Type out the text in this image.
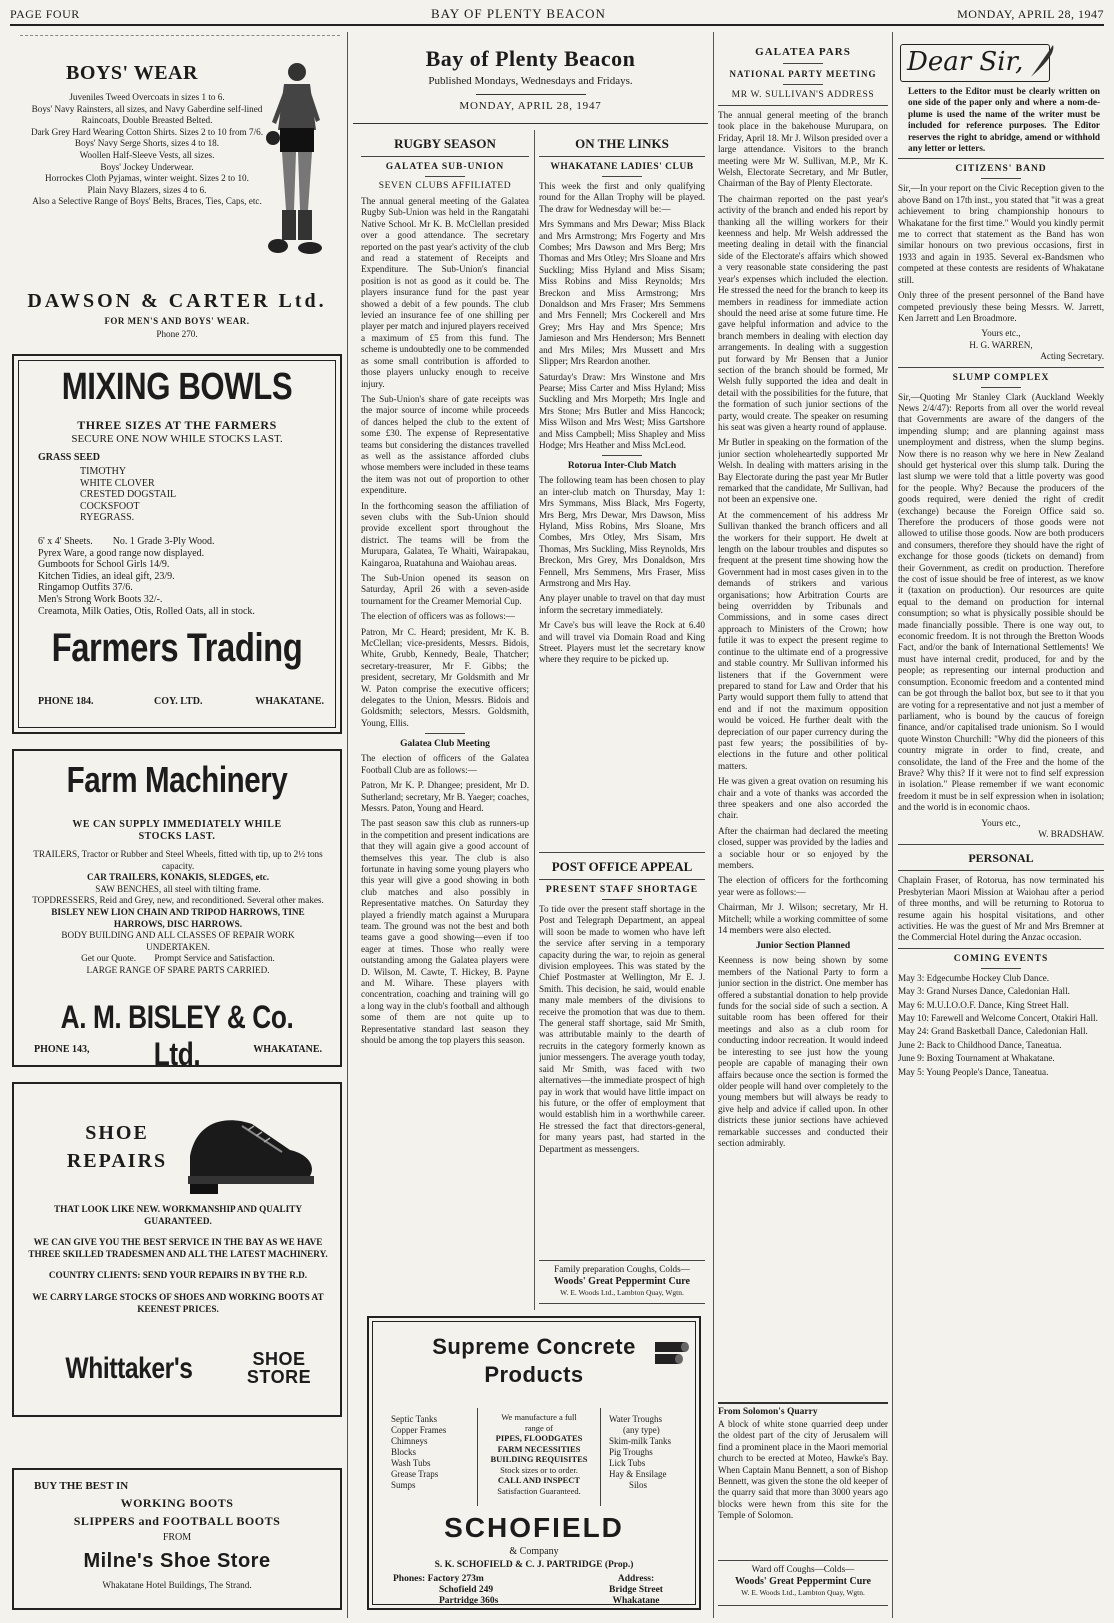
PAGE FOUR	BAY OF PLENTY BEACON	MONDAY, APRIL 28, 1947
BOYS' WEAR
Juveniles Tweed Overcoats in sizes 1 to 6.
Boys' Navy Rainsters, all sizes, and Navy Gaberdine self-lined Raincoats, Double Breasted Belted.
Dark Grey Hard Wearing Cotton Shirts. Sizes 2 to 10 from 7/6.
Boys' Navy Serge Shorts, sizes 4 to 18.
Woollen Half-Sleeve Vests, all sizes.
Boys' Jockey Underwear.
Horrockes Cloth Pyjamas, winter weight. Sizes 2 to 10.
Plain Navy Blazers, sizes 4 to 6.
Also a Selective Range of Boys' Belts, Braces, Ties, Caps, etc.
DAWSON & CARTER Ltd.
FOR MEN'S AND BOYS' WEAR.
Phone 270.
MIXING BOWLS
THREE SIZES AT THE FARMERS
SECURE ONE NOW WHILE STOCKS LAST.
GRASS SEED
TIMOTHY
WHITE CLOVER
CRESTED DOGSTAIL
COCKSFOOT
RYEGRASS.
6' x 4' Sheets.        No. 1 Grade 3-Ply Wood.
Pyrex Ware, a good range now displayed.
Gumboots for School Girls 14/9.
Kitchen Tidies, an ideal gift, 23/9.
Ringamop Outfits 37/6.
Men's Strong Work Boots 32/-.
Creamota, Milk Oaties, Otis, Rolled Oats, all in stock.
Farmers Trading
PHONE 184.	COY. LTD.	WHAKATANE.
Farm Machinery
WE CAN SUPPLY IMMEDIATELY WHILE STOCKS LAST.
TRAILERS, Tractor or Rubber and Steel Wheels, fitted with tip, up to 2½ tons capacity.
CAR TRAILERS, KONAKIS, SLEDGES, etc.
SAW BENCHES, all steel with tilting frame.
TOPDRESSERS, Reid and Grey, new, and reconditioned. Several other makes.
BISLEY NEW LION CHAIN AND TRIPOD HARROWS, TINE HARROWS, DISC HARROWS.
BODY BUILDING AND ALL CLASSES OF REPAIR WORK UNDERTAKEN.
Get our Quote.        Prompt Service and Satisfaction.
LARGE RANGE OF SPARE PARTS CARRIED.
A. M. BISLEY & Co. Ltd.
PHONE 143,	WHAKATANE.
SHOE
REPAIRS
THAT LOOK LIKE NEW. WORKMANSHIP AND QUALITY GUARANTEED.
WE CAN GIVE YOU THE BEST SERVICE IN THE BAY AS WE HAVE THREE SKILLED TRADESMEN AND ALL THE LATEST MACHINERY.
COUNTRY CLIENTS: SEND YOUR REPAIRS IN BY THE R.D.
WE CARRY LARGE STOCKS OF SHOES AND WORKING BOOTS AT KEENEST PRICES.
Whittaker's	SHOE
STORE
BUY THE BEST IN
WORKING BOOTS
SLIPPERS and FOOTBALL BOOTS
FROM
Milne's Shoe Store
Whakatane Hotel Buildings, The Strand.
Bay of Plenty Beacon
Published Mondays, Wednesdays and Fridays.
MONDAY, APRIL 28, 1947
RUGBY SEASON
GALATEA SUB-UNION
SEVEN CLUBS AFFILIATED
The annual general meeting of the Galatea Rugby Sub-Union was held in the Rangatahi Native School. Mr K. B. McClellan presided over a good attendance. The secretary reported on the past year's activity of the club and read a statement of Receipts and Expenditure. The Sub-Union's financial position is not as good as it could be. The players insurance fund for the past year showed a debit of a few pounds. The club levied an insurance fee of one shilling per player per match and injured players received a maximum of £5 from this fund. The scheme is undoubtedly one to be commended as some small contribution is afforded to those players unlucky enough to receive injury.
The Sub-Union's share of gate receipts was the major source of income while proceeds of dances helped the club to the extent of some £30. The expense of Representative teams but considering the distances travelled as well as the assistance afforded clubs whose members were included in these teams the item was not out of proportion to other expenditure.
In the forthcoming season the affiliation of seven clubs with the Sub-Union should provide excellent sport throughout the district. The teams will be from the Murupara, Galatea, Te Whaiti, Wairapakau, Kaingaroa, Ruatahuna and Waiohau areas.
The Sub-Union opened its season on Saturday, April 26 with a seven-aside tournament for the Creamer Memorial Cup.
The election of officers was as follows:—
Patron, Mr C. Heard; president, Mr K. B. McClellan; vice-presidents, Messrs. Bidois, White, Grubb, Kennedy, Beale, Thatcher; secretary-treasurer, Mr F. Gibbs; the president, secretary, Mr Goldsmith and Mr W. Paton comprise the executive officers; delegates to the Union, Messrs. Bidois and Goldsmith; selectors, Messrs. Goldsmith, Young, Ellis.
Galatea Club Meeting
The election of officers of the Galatea Football Club are as follows:—
Patron, Mr K. P. Dhangee; president, Mr D. Sutherland; secretary, Mr B. Yaeger; coaches, Messrs. Paton, Young and Heard.
The past season saw this club as runners-up in the competition and present indications are that they will again give a good account of themselves this year. The club is also fortunate in having some young players who this year will give a good showing in both club matches and also possibly in Representative matches. On Saturday they played a friendly match against a Murupara team. The ground was not the best and both teams gave a good showing—even if too eager at times. Those who really were outstanding among the Galatea players were D. Wilson, M. Cawte, T. Hickey, B. Payne and M. Wihare. These players with concentration, coaching and training will go a long way in the club's football and although some of them are not quite up to Representative standard last season they should be among the top players this season.
ON THE LINKS
WHAKATANE LADIES' CLUB
This week the first and only qualifying round for the Allan Trophy will be played. The draw for Wednesday will be:—
Mrs Symmans and Mrs Dewar; Miss Black and Mrs Armstrong; Mrs Fogerty and Mrs Combes; Mrs Dawson and Mrs Berg; Mrs Thomas and Mrs Otley; Mrs Sloane and Mrs Suckling; Miss Hyland and Miss Sisam; Miss Robins and Miss Reynolds; Mrs Breckon and Miss Armstrong; Mrs Donaldson and Mrs Fraser; Mrs Semmens and Mrs Fennell; Mrs Cockerell and Mrs Grey; Mrs Hay and Mrs Spence; Mrs Jamieson and Mrs Henderson; Mrs Bennett and Mrs Miles; Mrs Mussett and Mrs Slipper; Mrs Reardon another.
Saturday's Draw: Mrs Winstone and Mrs Pearse; Miss Carter and Miss Hyland; Miss Suckling and Mrs Morpeth; Mrs Ingle and Mrs Stone; Mrs Butler and Miss Hancock; Miss Wilson and Mrs West; Miss Gartshore and Miss Campbell; Miss Shapley and Miss Hodge; Mrs Heather and Miss McLeod.
Rotorua Inter-Club Match
The following team has been chosen to play an inter-club match on Thursday, May 1: Mrs Symmans, Miss Black, Mrs Fogerty, Mrs Berg, Mrs Dewar, Mrs Dawson, Miss Hyland, Miss Robins, Mrs Sloane, Mrs Combes, Mrs Otley, Mrs Sisam, Mrs Thomas, Mrs Suckling, Miss Reynolds, Mrs Breckon, Mrs Grey, Mrs Donaldson, Mrs Fennell, Mrs Semmens, Mrs Fraser, Miss Armstrong and Mrs Hay.
Any player unable to travel on that day must inform the secretary immediately.
Mr Cave's bus will leave the Rock at 6.40 and will travel via Domain Road and King Street. Players must let the secretary know where they require to be picked up.
POST OFFICE APPEAL
PRESENT STAFF SHORTAGE
To tide over the present staff shortage in the Post and Telegraph Department, an appeal will soon be made to women who have left the service after serving in a temporary capacity during the war, to rejoin as general division employees. This was stated by the Chief Postmaster at Wellington, Mr E. J. Smith. This decision, he said, would enable many male members of the divisions to receive the promotion that was due to them. The general staff shortage, said Mr Smith, was attributable mainly to the dearth of recruits in the category formerly known as junior messengers. The average youth today, said Mr Smith, was faced with two alternatives—the immediate prospect of high pay in work that would have little impact on his future, or the offer of employment that would establish him in a worthwhile career. He stressed the fact that directors-general, for many years past, had started in the Department as messengers.
Family preparation Coughs, Colds—
Woods' Great Peppermint Cure
W. E. Woods Ltd., Lambton Quay, Wgtn.
Supreme Concrete
Products
Septic Tanks
Copper Frames
Chimneys
Blocks
Wash Tubs
Grease Traps
Sumps
We manufacture a full
range of
PIPES, FLOODGATES
FARM NECESSITIES
BUILDING REQUISITES
Stock sizes or to order.
CALL AND INSPECT
Satisfaction Guaranteed.
Water Troughs
(any type)
Skim-milk Tanks
Pig Troughs
Lick Tubs
Hay & Ensilage
Silos
SCHOFIELD
& Company
S. K. SCHOFIELD & C. J. PARTRIDGE (Prop.)
Phones: Factory 273m
Schofield 249
Partridge 360s
Address:
Bridge Street
Whakatane
GALATEA PARS
NATIONAL PARTY MEETING
MR W. SULLIVAN'S ADDRESS
The annual general meeting of the branch took place in the bakehouse Murupara, on Friday, April 18. Mr J. Wilson presided over a large attendance. Visitors to the branch meeting were Mr W. Sullivan, M.P., Mr K. Welsh, Electorate Secretary, and Mr Butler, Chairman of the Bay of Plenty Electorate.
The chairman reported on the past year's activity of the branch and ended his report by thanking all the willing workers for their keenness and help. Mr Welsh addressed the meeting dealing in detail with the financial side of the Electorate's affairs which showed a very reasonable state considering the past year's expenses which included the election. He stressed the need for the branch to keep its members in readiness for immediate action should the need arise at some future time. He gave helpful information and advice to the branch members in dealing with election day arrangements. In dealing with a suggestion put forward by Mr Bensen that a Junior section of the branch should be formed, Mr Welsh fully supported the idea and dealt in detail with the possibilities for the future, that the formation of such junior sections of the party, would create. The speaker on resuming his seat was given a hearty round of applause.
Mr Butler in speaking on the formation of the junior section wholeheartedly supported Mr Welsh. In dealing with matters arising in the Bay Electorate during the past year Mr Butler remarked that the candidate, Mr Sullivan, had not been an expensive one.
At the commencement of his address Mr Sullivan thanked the branch officers and all the workers for their support. He dwelt at length on the labour troubles and disputes so frequent at the present time showing how the Government had in most cases given in to the demands of strikers and various organisations; how Arbitration Courts are being overridden by Tribunals and Commissions, and in some cases direct approach to Ministers of the Crown; how futile it was to expect the present regime to continue to the ultimate end of a progressive and stable country. Mr Sullivan informed his listeners that if the Government were prepared to stand for Law and Order that his Party would support them fully to attend that end and if not the maximum opposition would be voiced. He further dealt with the depreciation of our paper currency during the past few years; the possibilities of by-elections in the future and other political matters.
He was given a great ovation on resuming his chair and a vote of thanks was accorded the three speakers and one also accorded the chair.
After the chairman had declared the meeting closed, supper was provided by the ladies and a sociable hour or so enjoyed by the members.
The election of officers for the forthcoming year were as follows:—
Chairman, Mr J. Wilson; secretary, Mr H. Mitchell; while a working committee of some 14 members were also elected.
Junior Section Planned
Keenness is now being shown by some members of the National Party to form a junior section in the district. One member has offered a substantial donation to help provide funds for the social side of such a section. A suitable room has been offered for their meetings and also as a club room for conducting indoor recreation. It would indeed be interesting to see just how the young people are capable of managing their own affairs because once the section is formed the older people will hand over completely to the young members but will always be ready to give help and advice if called upon. In other districts these junior sections have achieved remarkable successes and conducted their section admirably.
From Solomon's Quarry
A block of white stone quarried deep under the oldest part of the city of Jerusalem will find a prominent place in the Maori memorial church to be erected at Moteo, Hawke's Bay. When Captain Manu Bennett, a son of Bishop Bennett, was given the stone the old keeper of the quarry said that more than 3000 years ago blocks were hewn from this site for the Temple of Solomon.
Ward off Coughs—Colds—
Woods' Great Peppermint Cure
W. E. Woods Ltd., Lambton Quay, Wgtn.
Dear Sir,
Letters to the Editor must be clearly written on one side of the paper only and where a nom-de-plume is used the name of the writer must be included for reference purposes. The Editor reserves the right to abridge, amend or withhold any letter or letters.
CITIZENS' BAND
Sir,—In your report on the Civic Reception given to the above Band on 17th inst., you stated that "it was a great achievement to bring championship honours to Whakatane for the first time." Would you kindly permit me to correct that statement as the Band has won similar honours on two previous occasions, first in 1933 and again in 1935. Several ex-Bandsmen who competed at these contests are residents of Whakatane still.
Only three of the present personnel of the Band have competed previously these being Messrs. W. Jarrett, Ken Jarrett and Len Broadmore.
Yours etc.,
H. G. WARREN,
Acting Secretary.
SLUMP COMPLEX
Sir,—Quoting Mr Stanley Clark (Auckland Weekly News 2/4/47): Reports from all over the world reveal that Governments are aware of the dangers of the impending slump; and are planning against mass unemployment and distress, when the slump begins. Now there is no reason why we here in New Zealand should get hysterical over this slump talk. During the last slump we were told that a little poverty was good for the people. Why? Because the producers of the goods required, were denied the right of credit (exchange) because the Foreign Office said so. Therefore the producers of those goods were not allowed to utilise those goods. Now are both producers and consumers, therefore they should have the right of exchange for those goods (tickets on demand) from their Government, as credit on production. Therefore the cost of issue should be free of interest, as we know it (taxation on production). Our resources are quite equal to the demand on production for internal consumption; so what is physically possible should be made financially possible. There is one way out, to economic freedom. It is not through the Bretton Woods Fact, and/or the bank of International Settlements! We must have internal credit, produced, for and by the people; as representing our internal production and consumption. Economic freedom and a contented mind can be got through the ballot box, but see to it that you are voting for a representative and not just a member of parliament, who is bound by the caucus of foreign finance, and/or capitalised trade unionism. So I would quote Winston Churchill: "Why did the pioneers of this country migrate in order to find, create, and consolidate, the land of the Free and the home of the Brave? Why this? If it were not to find self expression in isolation." Please remember if we want economic freedom it must be in self expression when in isolation; and the world is in economic chaos.
Yours etc.,
W. BRADSHAW.
PERSONAL
Chaplain Fraser, of Rotorua, has now terminated his Presbyterian Maori Mission at Waiohau after a period of three months, and will be returning to Rotorua to resume again his hospital visitations, and other activities. He was the guest of Mr and Mrs Bremner at the Commercial Hotel during the Anzac occasion.
COMING EVENTS
May 3: Edgecumbe Hockey Club Dance.
May 3: Grand Nurses Dance, Caledonian Hall.
May 6: M.U.I.O.O.F. Dance, King Street Hall.
May 10: Farewell and Welcome Concert, Otakiri Hall.
May 24: Grand Basketball Dance, Caledonian Hall.
June 2: Back to Childhood Dance, Taneatua.
June 9: Boxing Tournament at Whakatane.
May 5: Young People's Dance, Taneatua.
